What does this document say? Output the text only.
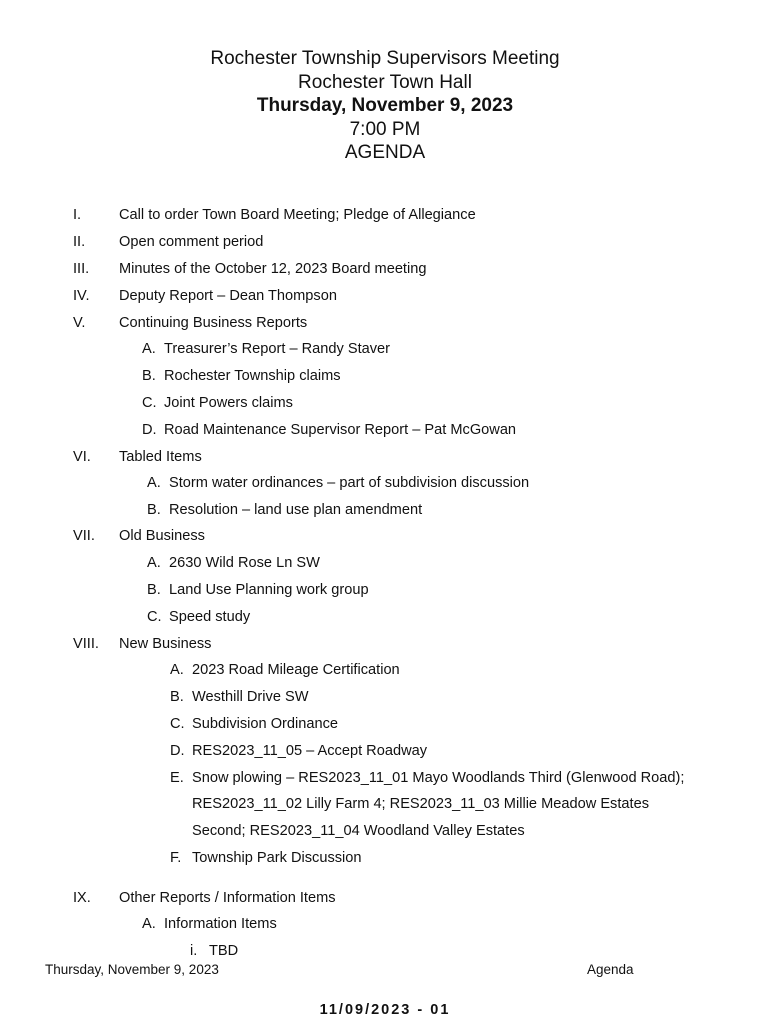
Rochester Township Supervisors Meeting
Rochester Town Hall
Thursday, November 9, 2023
7:00 PM
AGENDA
I.	Call to order Town Board Meeting; Pledge of Allegiance
II. Open comment period
III. Minutes of the October 12, 2023 Board meeting
IV. Deputy Report – Dean Thompson
V. Continuing Business Reports
A. Treasurer’s Report – Randy Staver
B. Rochester Township claims
C. Joint Powers claims
D. Road Maintenance Supervisor Report – Pat McGowan
VI. Tabled Items
A. Storm water ordinances – part of subdivision discussion
B. Resolution – land use plan amendment
VII. Old Business
A. 2630 Wild Rose Ln SW
B. Land Use Planning work group
C. Speed study
VIII. New Business
A. 2023 Road Mileage Certification
B. Westhill Drive SW
C. Subdivision Ordinance
D. RES2023_11_05 – Accept Roadway
E. Snow plowing – RES2023_11_01 Mayo Woodlands Third (Glenwood Road);
RES2023_11_02 Lilly Farm 4; RES2023_11_03 Millie Meadow Estates
Second; RES2023_11_04 Woodland Valley Estates
F. Township Park Discussion
IX. Other Reports / Information Items
A. Information Items
i. TBD
Thursday, November 9, 2023	Agenda
11/09/2023 - 01
